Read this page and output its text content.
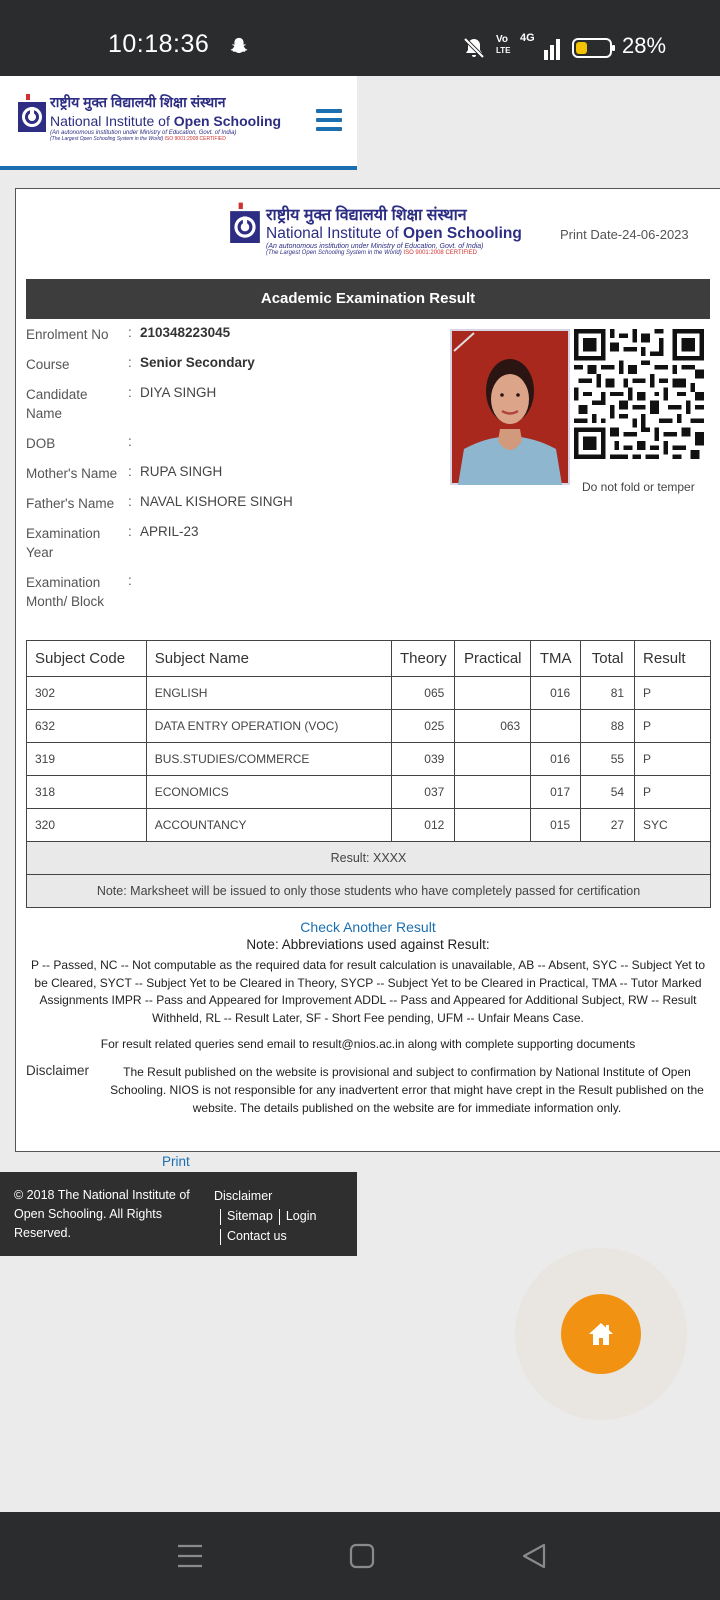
10:18:36	Vo
LTE
4G	28%
राष्ट्रीय मुक्त विद्यालयी शिक्षा संस्थान
National Institute of Open Schooling
(An autonomous institution under Ministry of Education, Govt. of India)
(The Largest Open Schooling System in the World) ISO 9001:2008 CERTIFIED
राष्ट्रीय मुक्त विद्यालयी शिक्षा संस्थान
National Institute of Open Schooling
(An autonomous institution under Ministry of Education, Govt. of India)
(The Largest Open Schooling System in the World) ISO 9001:2008 CERTIFIED
Print Date-24-06-2023
Academic Examination Result
Enrolment No	: 210348223045
Course	: Senior Secondary
Candidate Name
: DIYA SINGH
DOB	:
Mother's Name : RUPA SINGH
Father's Name	: NAVAL KISHORE SINGH
Examination Year
: APRIL-23
Examination Month/ Block
:
Do not fold or temper
Subject Code	Subject Name	Theory	Practical	TMA	Total	Result
302	ENGLISH	065		016	81	P
632	DATA ENTRY OPERATION (VOC)	025	063		88	P
319	BUS.STUDIES/COMMERCE	039		016	55	P
318	ECONOMICS	037		017	54	P
320	ACCOUNTANCY	012		015	27	SYC
Result: XXXX						
Note: Marksheet will be issued to only those students who have completely passed for certification						
Check Another Result
Note: Abbreviations used against Result:
P -- Passed, NC -- Not computable as the required data for result calculation is unavailable, AB -- Absent, SYC -- Subject Yet to be Cleared, SYCT -- Subject Yet to be Cleared in Theory, SYCP -- Subject Yet to be Cleared in Practical, TMA -- Tutor Marked Assignments IMPR -- Pass and Appeared for Improvement ADDL -- Pass and Appeared for Additional Subject, RW -- Result Withheld, RL -- Result Later, SF - Short Fee pending, UFM -- Unfair Means Case.
For result related queries send email to result@nios.ac.in along with complete supporting documents
Disclaimer	The Result published on the website is provisional and subject to confirmation by National Institute of Open Schooling. NIOS is not responsible for any inadvertent error that might have crept in the Result published on the website. The details published on the website are for immediate information only.
Print
© 2018 The National Institute of Open Schooling. All Rights Reserved.
Disclaimer
Sitemap Login
Contact us
